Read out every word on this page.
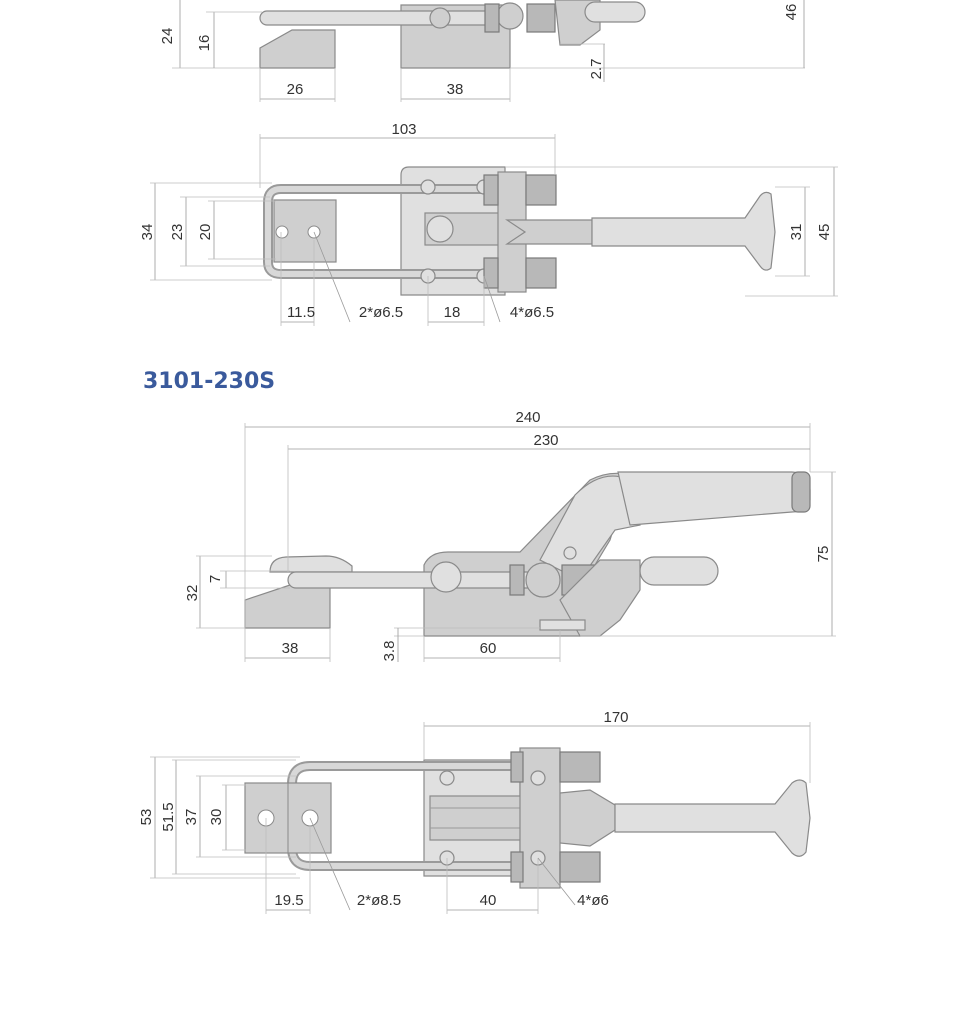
46
24 16
26	38
2.7
103
34 23 20	31 45
11.5	2*ø6.5	18	4*ø6.5
3101-230S
240
230
75
32
7
38	3.8	60
170
53 51.5 37 30
19.5	2*ø8.5	40	4*ø6
